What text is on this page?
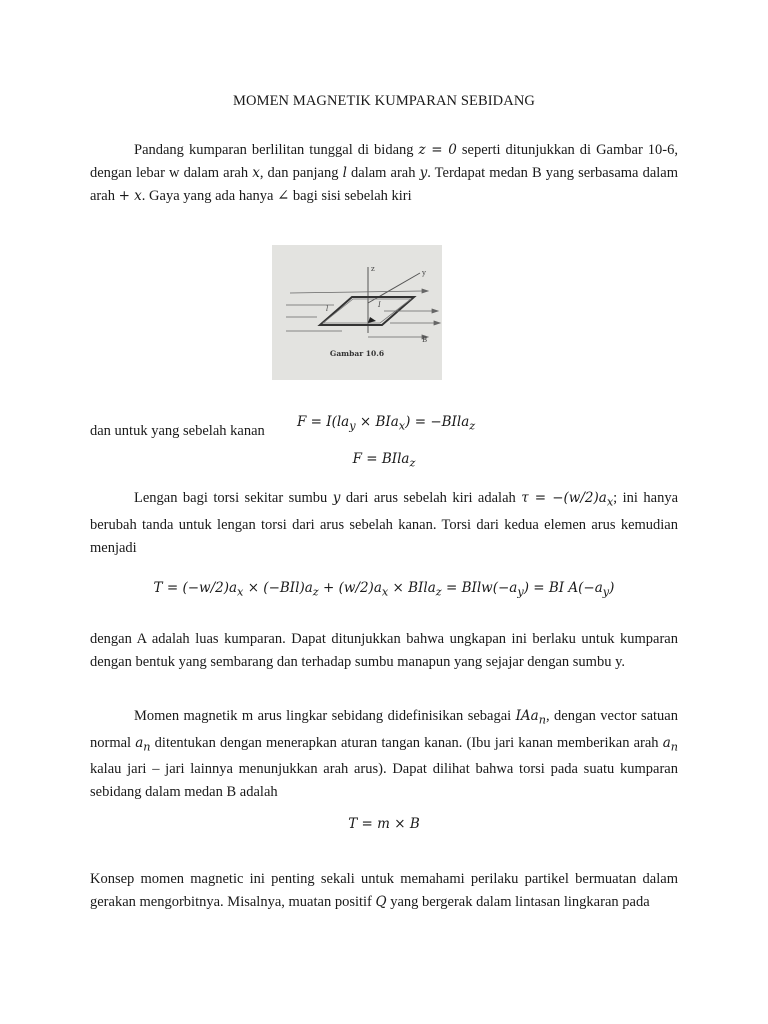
MOMEN MAGNETIK KUMPARAN SEBIDANG

Pandang kumparan berlilitan tunggal di bidang z = 0 seperti ditunjukkan di Gambar 10-6, dengan lebar w dalam arah x, dan panjang l dalam arah y. Terdapat medan B yang serbasama dalam arah + x. Gaya yang ada hanya ∠ bagi sisi sebelah kiri

z	y
l	I
B
Gambar 10.6
dan untuk yang sebelah kanan
$F = I(la_y \times BIa_x)$ = −BIla$_z$
F = BIla$_z$

Lengan bagi torsi sekitar sumbu y dari arus sebelah kiri adalah $\tau = -(w/2)a_x$; ini hanya berubah tanda untuk lengan torsi dari arus sebelah kanan. Torsi dari kedua elemen arus kemudian menjadi

$T = (-w/2)a_x \times (-BIl)a_z + (w/2)a_x$ × BIla$_z$ = $BIlw(-a_y)$ = BI $A(-a_y)$

dengan A adalah luas kumparan. Dapat ditunjukkan bahwa ungkapan ini berlaku untuk kumparan dengan bentuk yang sembarang dan terhadap sumbu manapun yang sejajar dengan sumbu y.

Momen magnetik m arus lingkar sebidang didefinisikan sebagai IAa$_n$, dengan vector satuan normal $a_n$ ditentukan dengan menerapkan aturan tangan kanan. (Ibu jari kanan memberikan arah $a_n$ kalau jari – jari lainnya menunjukkan arah arus). Dapat dilihat bahwa torsi pada suatu kumparan sebidang dalam medan B adalah

T = m × B

Konsep momen magnetic ini penting sekali untuk memahami perilaku partikel bermuatan dalam gerakan mengorbitnya. Misalnya, muatan positif Q yang bergerak dalam lintasan lingkaran pada
